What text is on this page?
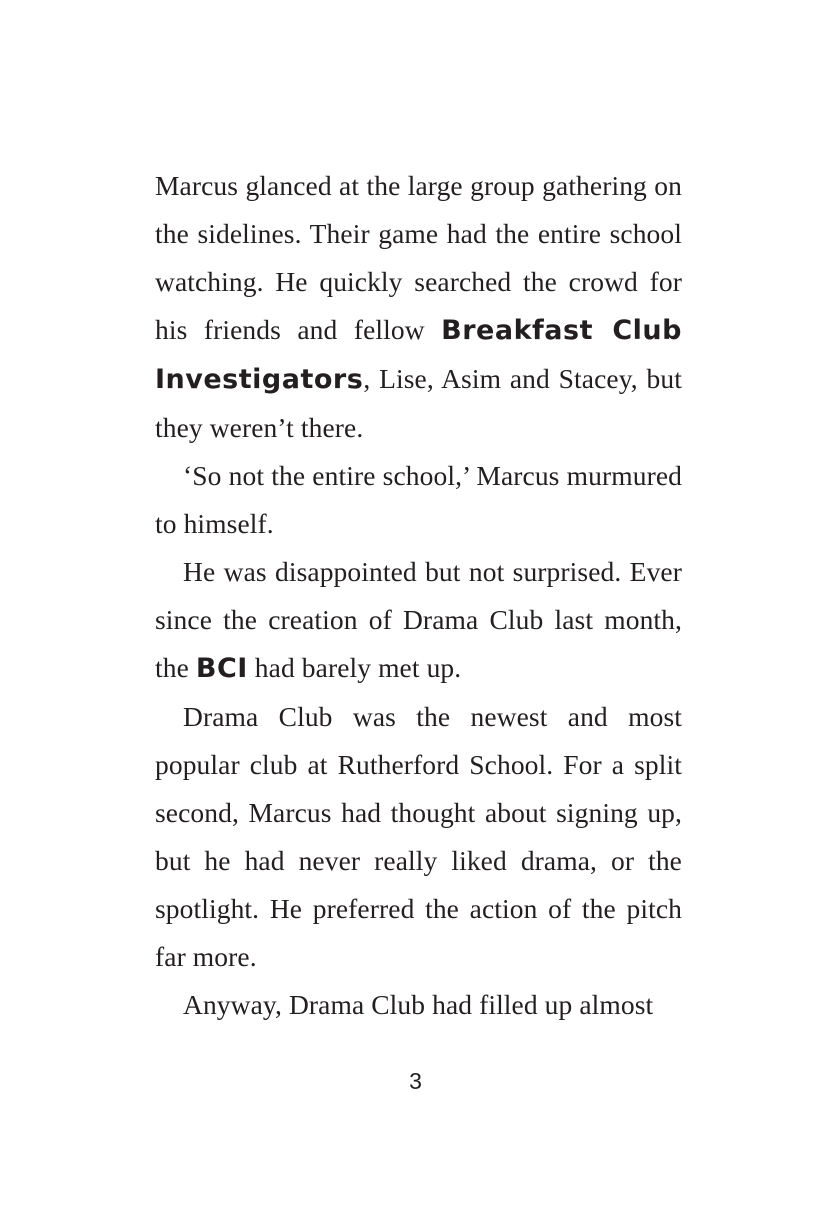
Marcus glanced at the large group gathering on the sidelines. Their game had the entire school watching. He quickly searched the crowd for his friends and fellow Breakfast Club Investigators, Lise, Asim and Stacey, but they weren’t there.

‘So not the entire school,’ Marcus murmured to himself.

He was disappointed but not surprised. Ever since the creation of Drama Club last month, the BCI had barely met up.

Drama Club was the newest and most popular club at Rutherford School. For a split second, Marcus had thought about signing up, but he had never really liked drama, or the spotlight. He preferred the action of the pitch far more.

Anyway, Drama Club had filled up almost

3
